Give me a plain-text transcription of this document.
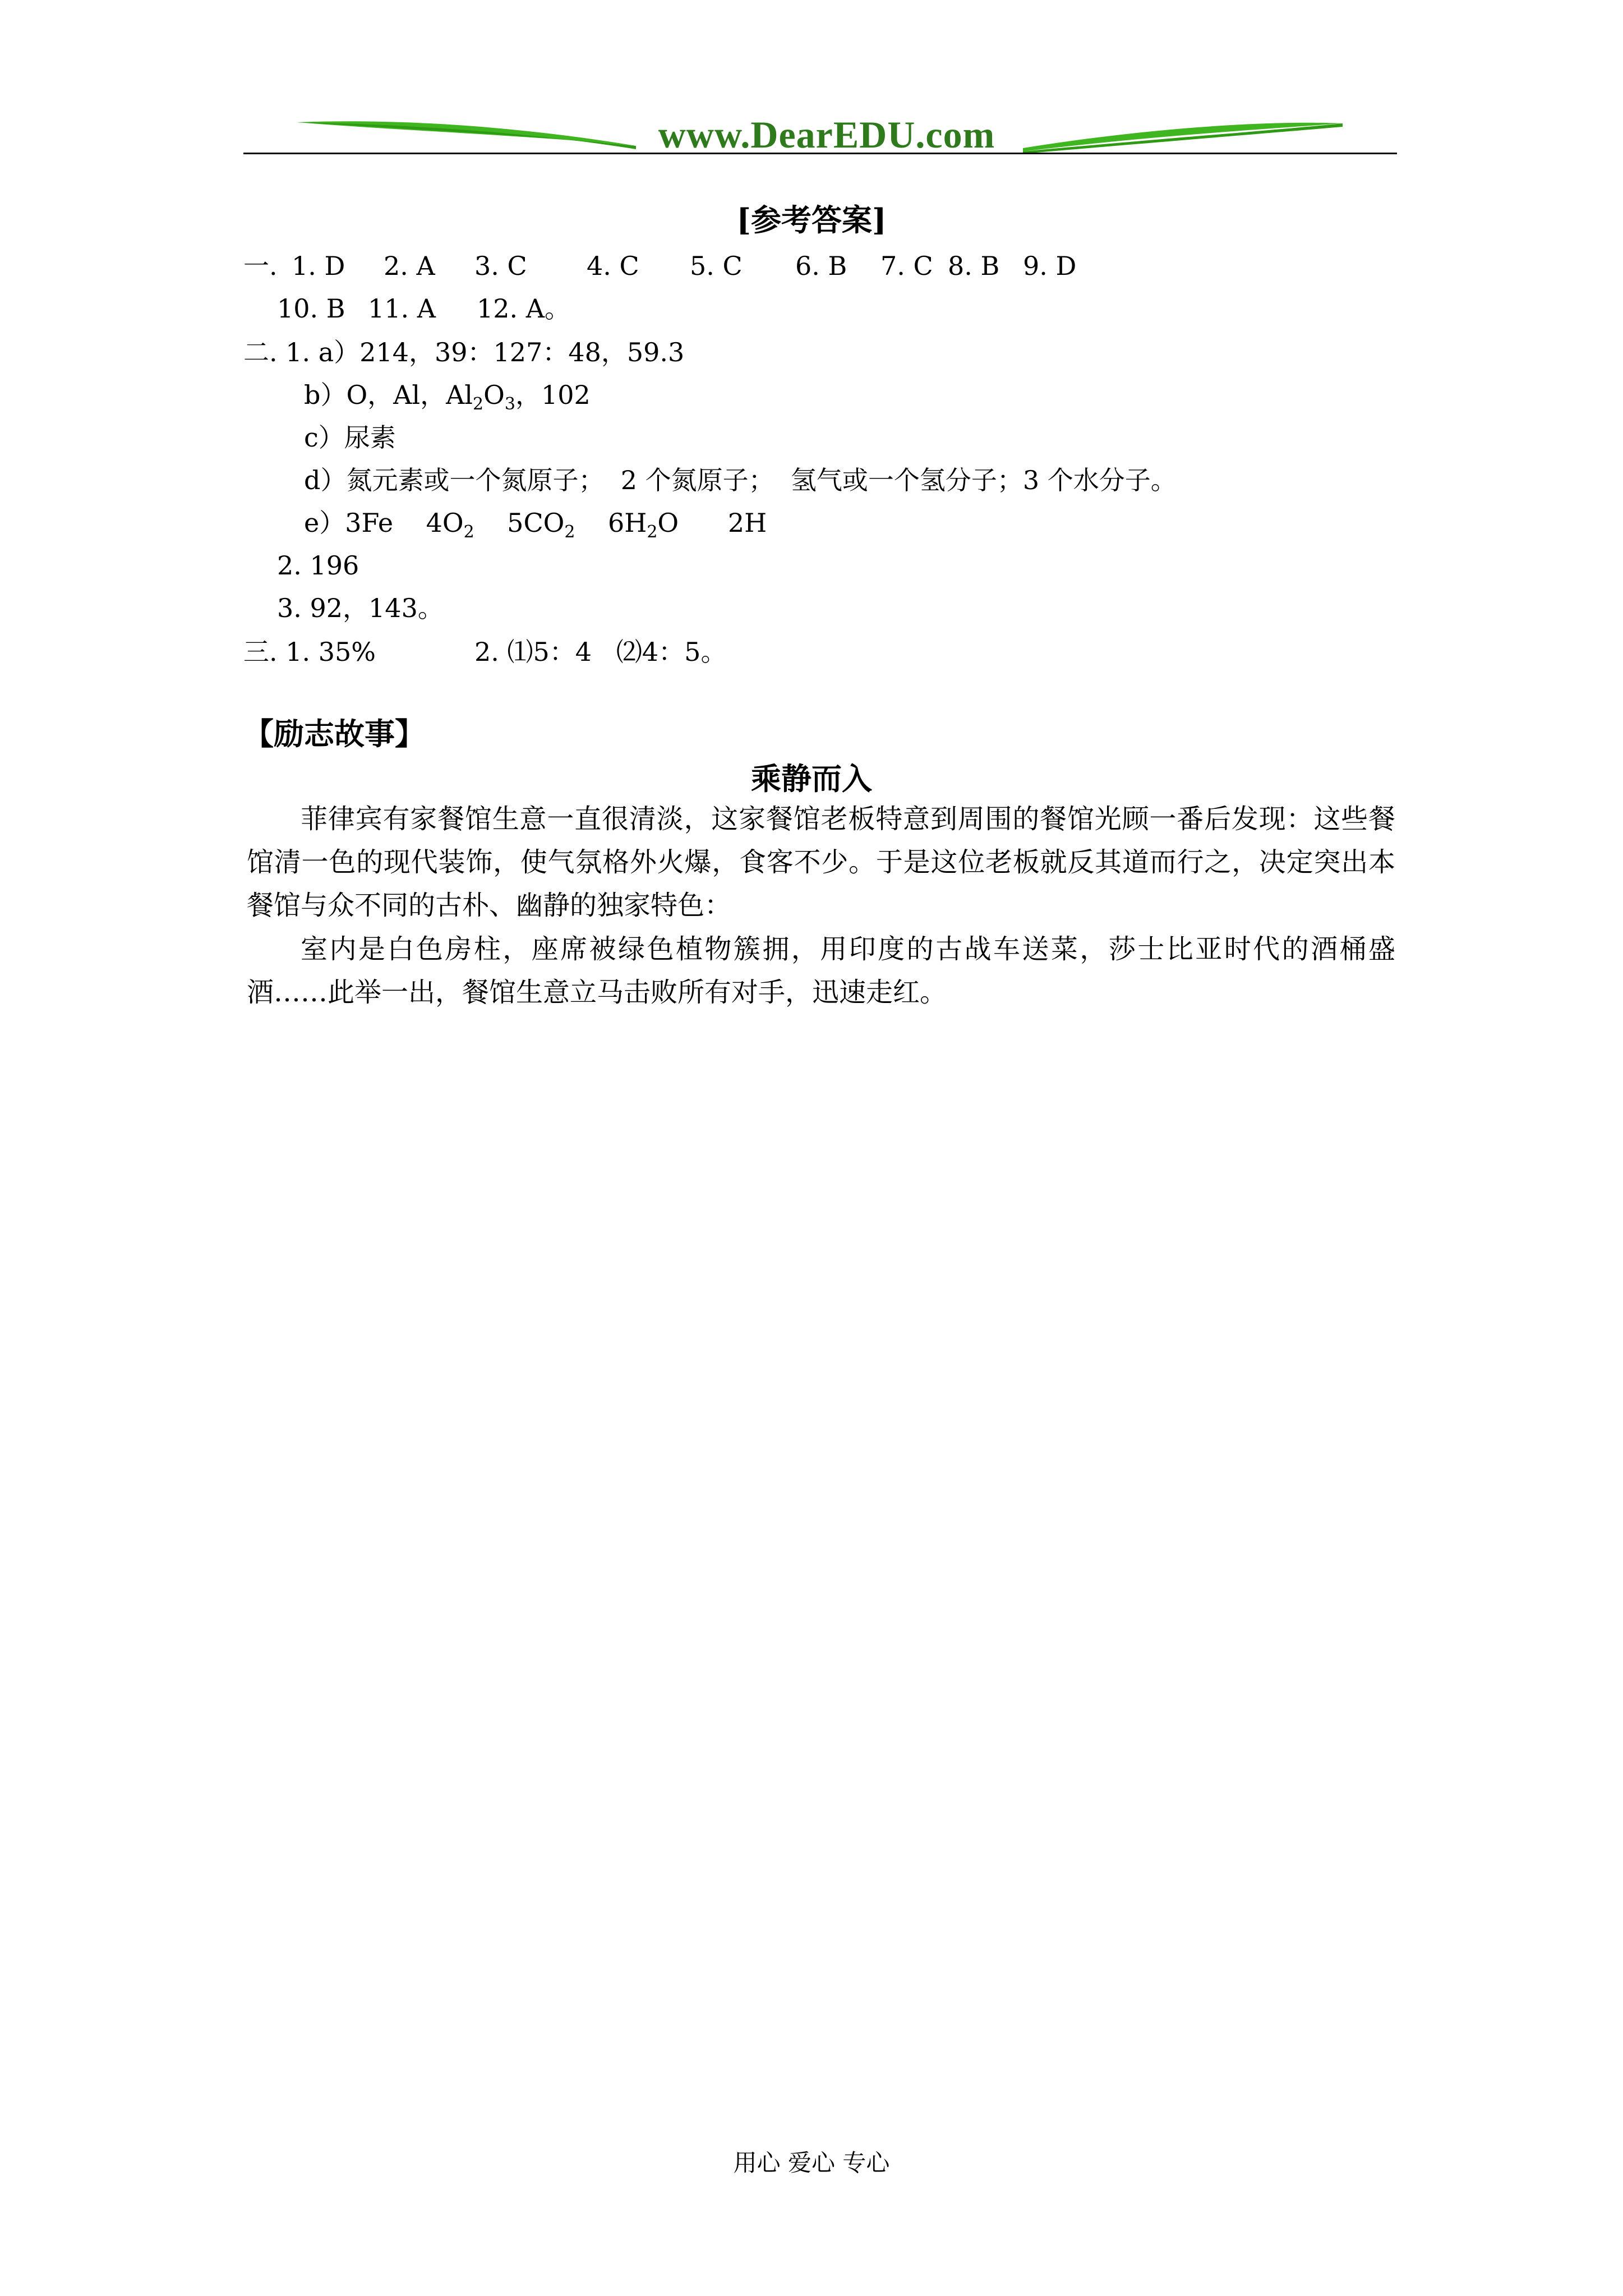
www.DearEDU.com
[参考答案]
一. 1. D 2. A 3. C 4. C 5. C 6. B 7. C 8. B 9. D
10. B 11. A 12. A。
二. 1. a）214，39：127：48，59.3
b）O，Al，$Al_2O_3$，102
c）尿素
d）氮元素或一个氮原子；  2 个氮原子；  氢气或一个氢分子；3 个水分子。
e）3Fe    $4O_2$    $5CO_2$    $6H_2O$      2H
2. 196
3. 92，143。
三. 1. 35%	2. ⑴5：4   ⑵4：5。
【励志故事】
乘静而入
菲律宾有家餐馆生意一直很清淡，这家餐馆老板特意到周围的餐馆光顾一番后发现：这些餐馆清一色的现代装饰，使气氛格外火爆，食客不少。于是这位老板就反其道而行之，决定突出本餐馆与众不同的古朴、幽静的独家特色：
室内是白色房柱，座席被绿色植物簇拥，用印度的古战车送菜，莎士比亚时代的酒桶盛酒……此举一出，餐馆生意立马击败所有对手，迅速走红。
用心 爱心 专心
